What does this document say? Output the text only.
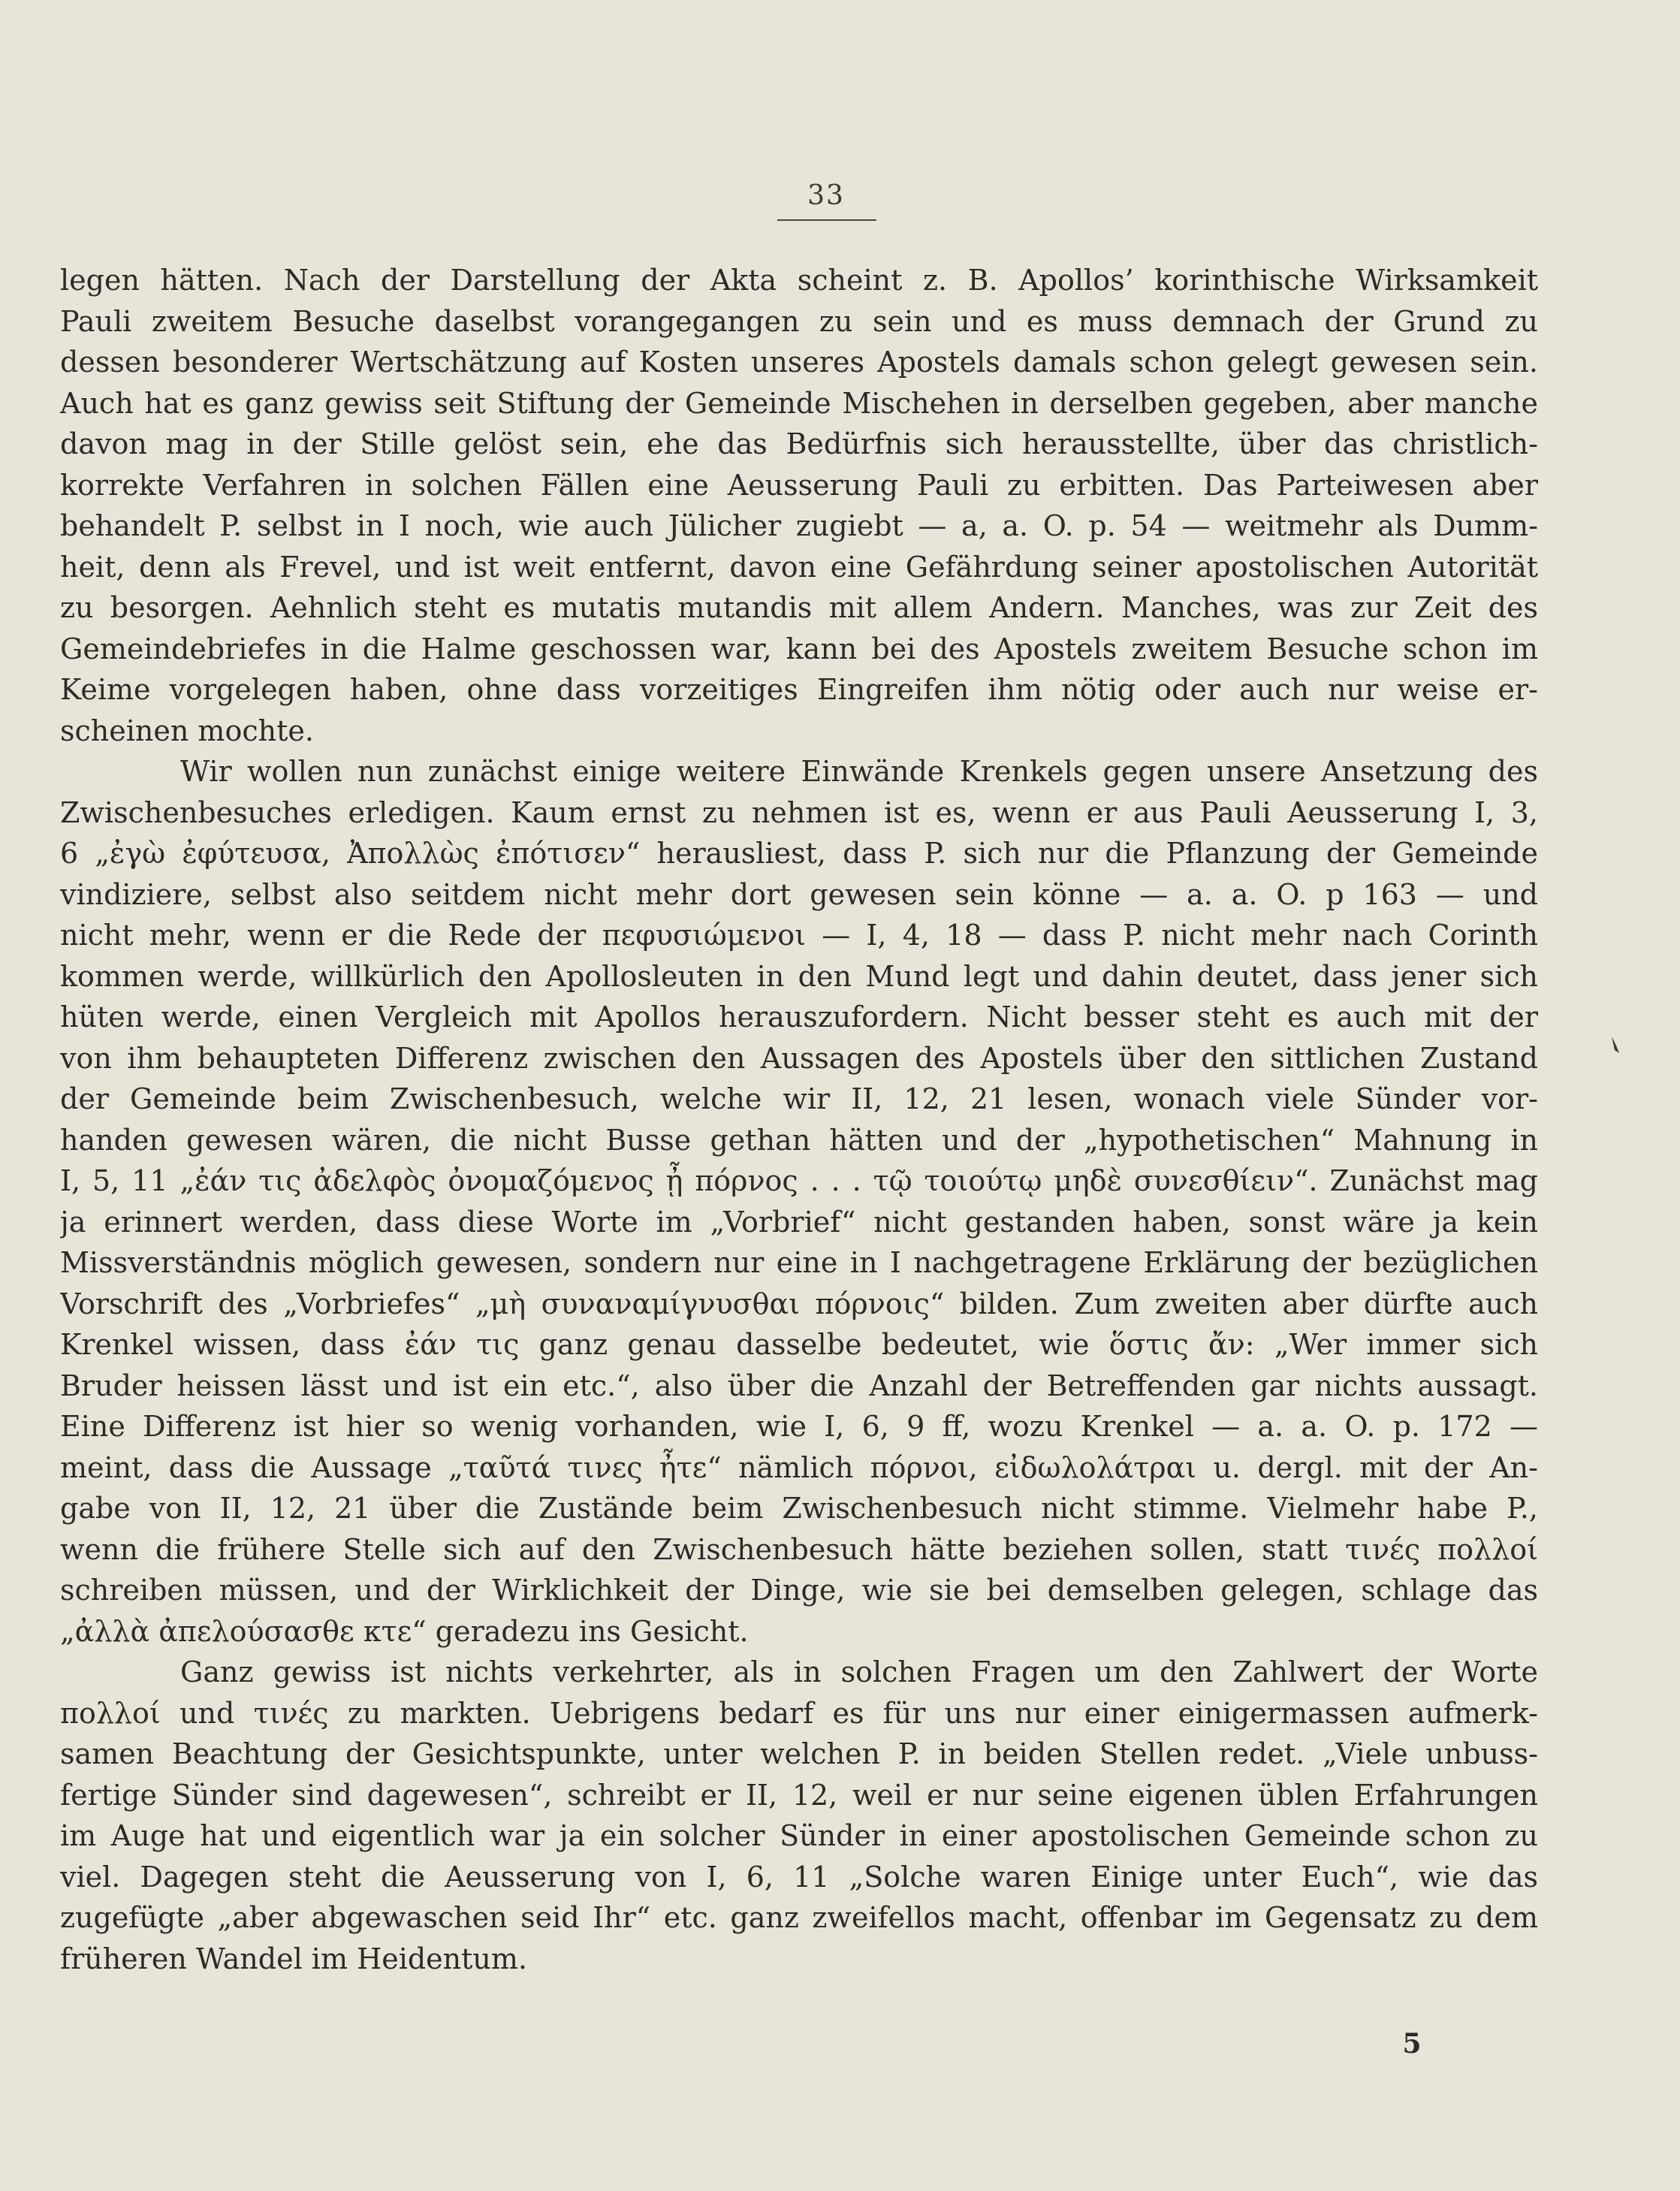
33
legen hätten. Nach der Darstellung der Akta scheint z. B. Apollos’ korinthische Wirksamkeit
Pauli zweitem Besuche daselbst vorangegangen zu sein und es muss demnach der Grund zu
dessen besonderer Wertschätzung auf Kosten unseres Apostels damals schon gelegt gewesen sein.
Auch hat es ganz gewiss seit Stiftung der Gemeinde Mischehen in derselben gegeben, aber manche
davon mag in der Stille gelöst sein, ehe das Bedürfnis sich herausstellte, über das christlich-
korrekte Verfahren in solchen Fällen eine Aeusserung Pauli zu erbitten. Das Parteiwesen aber
behandelt P. selbst in I noch, wie auch Jülicher zugiebt — a, a. O. p. 54 — weitmehr als Dumm-
heit, denn als Frevel, und ist weit entfernt, davon eine Gefährdung seiner apostolischen Autorität
zu besorgen. Aehnlich steht es mutatis mutandis mit allem Andern. Manches, was zur Zeit des
Gemeindebriefes in die Halme geschossen war, kann bei des Apostels zweitem Besuche schon im
Keime vorgelegen haben, ohne dass vorzeitiges Eingreifen ihm nötig oder auch nur weise er-
scheinen mochte.
Wir wollen nun zunächst einige weitere Einwände Krenkels gegen unsere Ansetzung des
Zwischenbesuches erledigen. Kaum ernst zu nehmen ist es, wenn er aus Pauli Aeusserung I, 3,
6 „ἐγὼ ἐφύτευσα, Ἀπολλὼς ἐπότισεν“ herausliest, dass P. sich nur die Pflanzung der Gemeinde
vindiziere, selbst also seitdem nicht mehr dort gewesen sein könne — a. a. O. p 163 — und
nicht mehr, wenn er die Rede der πεφυσιώμενοι — I, 4, 18 — dass P. nicht mehr nach Corinth
kommen werde, willkürlich den Apollosleuten in den Mund legt und dahin deutet, dass jener sich
hüten werde, einen Vergleich mit Apollos herauszufordern. Nicht besser steht es auch mit der
von ihm behaupteten Differenz zwischen den Aussagen des Apostels über den sittlichen Zustand
der Gemeinde beim Zwischenbesuch, welche wir II, 12, 21 lesen, wonach viele Sünder vor-
handen gewesen wären, die nicht Busse gethan hätten und der „hypothetischen“ Mahnung in
I, 5, 11 „ἐάν τις ἀδελφὸς ὀνομαζόμενος ᾖ πόρνος . . . τῷ τοιούτῳ μηδὲ συνεσθίειν“. Zunächst mag
ja erinnert werden, dass diese Worte im „Vorbrief“ nicht gestanden haben, sonst wäre ja kein
Missverständnis möglich gewesen, sondern nur eine in I nachgetragene Erklärung der bezüglichen
Vorschrift des „Vorbriefes“ „μὴ συναναμίγνυσθαι πόρνοις“ bilden. Zum zweiten aber dürfte auch
Krenkel wissen, dass ἐάν τις ganz genau dasselbe bedeutet, wie ὅστις ἄν: „Wer immer sich
Bruder heissen lässt und ist ein etc.“, also über die Anzahl der Betreffenden gar nichts aussagt.
Eine Differenz ist hier so wenig vorhanden, wie I, 6, 9 ff, wozu Krenkel — a. a. O. p. 172 —
meint, dass die Aussage „ταῦτά τινες ἦτε“ nämlich πόρνοι, εἰδωλολάτραι u. dergl. mit der An-
gabe von II, 12, 21 über die Zustände beim Zwischenbesuch nicht stimme. Vielmehr habe P.,
wenn die frühere Stelle sich auf den Zwischenbesuch hätte beziehen sollen, statt τινές πολλοί
schreiben müssen, und der Wirklichkeit der Dinge, wie sie bei demselben gelegen, schlage das
„ἀλλὰ ἀπελούσασθε κτε“ geradezu ins Gesicht.
Ganz gewiss ist nichts verkehrter, als in solchen Fragen um den Zahlwert der Worte
πολλοί und τινές zu markten. Uebrigens bedarf es für uns nur einer einigermassen aufmerk-
samen Beachtung der Gesichtspunkte, unter welchen P. in beiden Stellen redet. „Viele unbuss-
fertige Sünder sind dagewesen“, schreibt er II, 12, weil er nur seine eigenen üblen Erfahrungen
im Auge hat und eigentlich war ja ein solcher Sünder in einer apostolischen Gemeinde schon zu
viel. Dagegen steht die Aeusserung von I, 6, 11 „Solche waren Einige unter Euch“, wie das
zugefügte „aber abgewaschen seid Ihr“ etc. ganz zweifellos macht, offenbar im Gegensatz zu dem
früheren Wandel im Heidentum.
5
